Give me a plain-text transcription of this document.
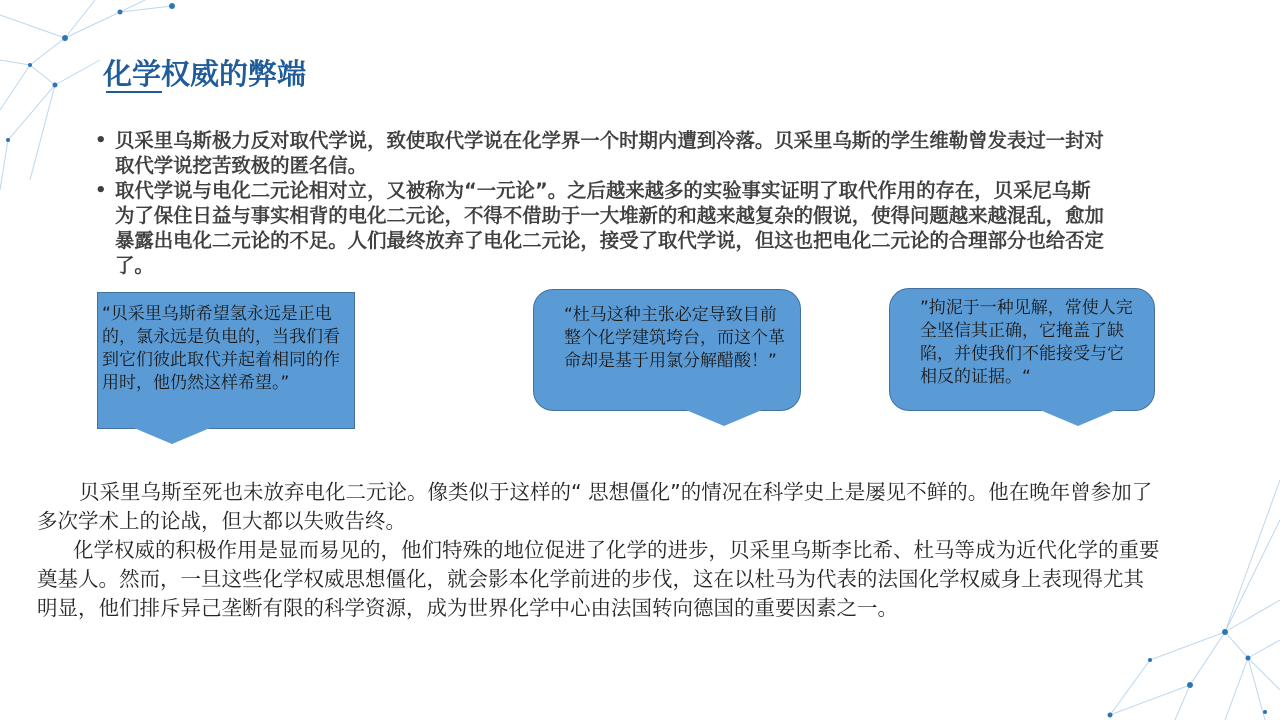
化学权威的弊端
• 贝采里乌斯极力反对取代学说，致使取代学说在化学界一个时期内遭到冷落。贝采里乌斯的学生维勒曾发表过一封对取代学说挖苦致极的匿名信。
• 取代学说与电化二元论相对立，又被称为“一元论”。之后越来越多的实验事实证明了取代作用的存在，贝采尼乌斯为了保住日益与事实相背的电化二元论，不得不借助于一大堆新的和越来越复杂的假说，使得问题越来越混乱，愈加暴露出电化二元论的不足。人们最终放弃了电化二元论，接受了取代学说，但这也把电化二元论的合理部分也给否定了。
“贝采里乌斯希望氢永远是正电的，氯永远是负电的，当我们看到它们彼此取代并起着相同的作用时，他仍然这样希望。”
“杜马这种主张必定导致目前整个化学建筑垮台，而这个革命却是基于用氯分解醋酸！”
”拘泥于一种见解，常使人完全坚信其正确，它掩盖了缺陷，并使我们不能接受与它相反的证据。“

贝采里乌斯至死也未放弃电化二元论。像类似于这样的“ 思想僵化”的情况在科学史上是屡见不鲜的。他在晚年曾参加了多次学术上的论战，但大都以失败告终。

化学权威的积极作用是显而易见的，他们特殊的地位促进了化学的进步，贝采里乌斯李比希、杜马等成为近代化学的重要奠基人。然而，一旦这些化学权威思想僵化，就会影本化学前进的步伐，这在以杜马为代表的法国化学权威身上表现得尤其明显，他们排斥异己垄断有限的科学资源，成为世界化学中心由法国转向德国的重要因素之一。
